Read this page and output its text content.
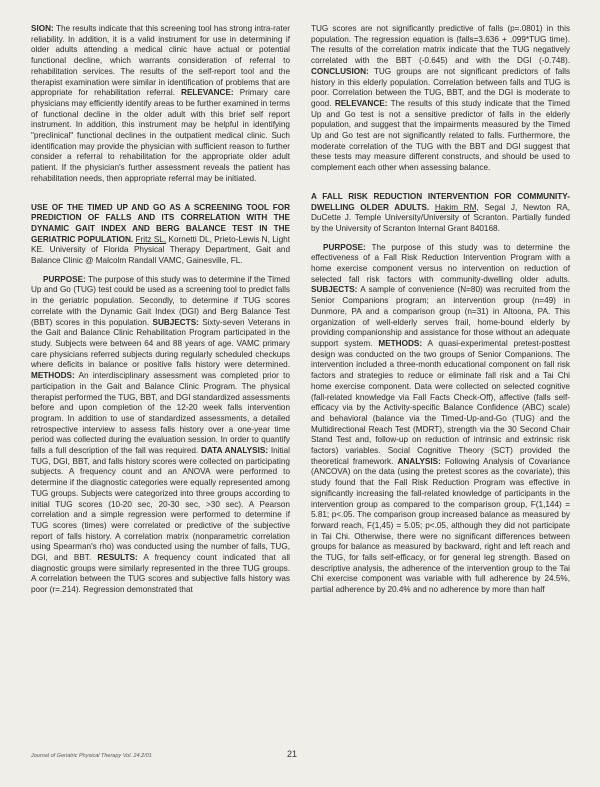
SION: The results indicate that this screening tool has strong intra-rater reliability. In addition, it is a valid instrument for use in determining if older adults attending a medical clinic have actual or potential functional decline, which warrants consideration of referral to rehabilitation services. The results of the self-report tool and the therapist examination were similar in identification of problems that are appropriate for rehabilitation referral. RELEVANCE: Primary care physicians may efficiently identify areas to be further examined in terms of functional decline in the older adult with this brief self report instrument. In addition, this instrument may be helpful in identifying "preclinical" functional declines in the outpatient medical clinic. Such identification may provide the physician with sufficient reason to further consider a referral to rehabilitation for the appropriate older adult patient. If the physician's further assessment reveals the patient has rehabilitation needs, then appropriate referral may be initiated.

USE OF THE TIMED UP AND GO AS A SCREENING TOOL FOR PREDICTION OF FALLS AND ITS CORRELATION WITH THE DYNAMIC GAIT INDEX AND BERG BALANCE TEST IN THE GERIATRIC POPULATION. Fritz SL, Kornetti DL, Prieto-Lewis N, Light KE. University of Florida Physical Therapy Department, Gait and Balance Clinic @ Malcolm Randall VAMC, Gainesville, FL.

PURPOSE: The purpose of this study was to determine if the Timed Up and Go (TUG) test could be used as a screening tool to predict falls in the geriatric population. Secondly, to determine if TUG scores correlate with the Dynamic Gait Index (DGI) and Berg Balance Test (BBT) scores in this population. SUBJECTS: Sixty-seven Veterans in the Gait and Balance Clinic Rehabilitation Program participated in the study. Subjects were between 64 and 88 years of age. VAMC primary care physicians referred subjects during regularly scheduled checkups where deficits in balance or positive falls history were determined. METHODS: An interdisciplinary assessment was completed prior to participation in the Gait and Balance Clinic Program. The physical therapist performed the TUG, BBT, and DGI standardized assessments before and upon completion of the 12-20 week falls intervention program. In addition to use of standardized assessments, a detailed retrospective interview to assess falls history over a one-year time period was collected during the evaluation session. In order to quantify falls a full description of the fall was required. DATA ANALYSIS: Initial TUG, DGI, BBT, and falls history scores were collected on participating subjects. A frequency count and an ANOVA were performed to determine if the diagnostic categories were equally represented among TUG groups. Subjects were categorized into three groups according to initial TUG scores (10-20 sec, 20-30 sec, >30 sec). A Pearson correlation and a simple regression were performed to determine if TUG scores (times) were correlated or predictive of the subjective report of falls history. A correlation matrix (nonparametric correlation using Spearman's rho) was conducted using the number of falls, TUG, DGI, and BBT. RESULTS: A frequency count indicated that all diagnostic groups were similarly represented in the three TUG groups. A correlation between the TUG scores and subjective falls history was poor (r=.214). Regression demonstrated that

TUG scores are not significantly predictive of falls (p=.0801) in this population. The regression equation is (falls=3.636 + .099*TUG time). The results of the correlation matrix indicate that the TUG negatively correlated with the BBT (-0.645) and with the DGI (-0.748). CONCLUSION: TUG groups are not significant predictors of falls history in this elderly population. Correlation between falls and TUG is poor. Correlation between the TUG, BBT, and the DGI is moderate to good. RELEVANCE: The results of this study indicate that the Timed Up and Go test is not a sensitive predictor of falls in the elderly population, and suggest that the impairments measured by the Timed Up and Go test are not significantly related to falls. Furthermore, the moderate correlation of the TUG with the BBT and DGI suggest that these tests may measure different constructs, and should be used to complement each other when assessing balance.

A FALL RISK REDUCTION INTERVENTION FOR COMMUNITY-DWELLING OLDER ADULTS. Hakim RM, Segal J, Newton RA, DuCette J. Temple University/University of Scranton. Partially funded by the University of Scranton Internal Grant 840168.

PURPOSE: The purpose of this study was to determine the effectiveness of a Fall Risk Reduction Intervention Program with a home exercise component versus no intervention on reduction of selected fall risk factors with community-dwelling older adults. SUBJECTS: A sample of convenience (N=80) was recruited from the Senior Companions program; an intervention group (n=49) in Dunmore, PA and a comparison group (n=31) in Altoona, PA. This organization of well-elderly serves frail, home-bound elderly by providing companionship and assistance for those without an adequate support system. METHODS: A quasi-experimental pretest-posttest design was conducted on the two groups of Senior Companions. The intervention included a three-month educational component on fall risk factors and strategies to reduce or eliminate fall risk and a Tai Chi home exercise component. Data were collected on selected cognitive (fall-related knowledge via Fall Facts Check-Off), affective (falls self-efficacy via by the Activity-specific Balance Confidence (ABC) scale) and behavioral (balance via the Timed-Up-and-Go (TUG) and the Multidirectional Reach Test (MDRT), strength via the 30 Second Chair Stand Test and, follow-up on reduction of intrinsic and extrinsic risk factors) variables. Social Cognitive Theory (SCT) provided the theoretical framework. ANALYSIS: Following Analysis of Covariance (ANCOVA) on the data (using the pretest scores as the covariate), this study found that the Fall Risk Reduction Program was effective in significantly increasing the fall-related knowledge of participants in the intervention group as compared to the comparison group, F(1,144) = 5.81; p<.05. The comparison group increased balance as measured by forward reach, F(1,45) = 5.05; p<.05, although they did not participate in Tai Chi. Otherwise, there were no significant differences between groups for balance as measured by backward, right and left reach and the TUG, for falls self-efficacy, or for general leg strength. Based on descriptive analysis, the adherence of the intervention group to the Tai Chi exercise component was variable with full adherence by 24.5%, partial adherence by 20.4% and no adherence by more than half

Journal of Geriatric Physical Therapy Vol. 24.2/01	21
